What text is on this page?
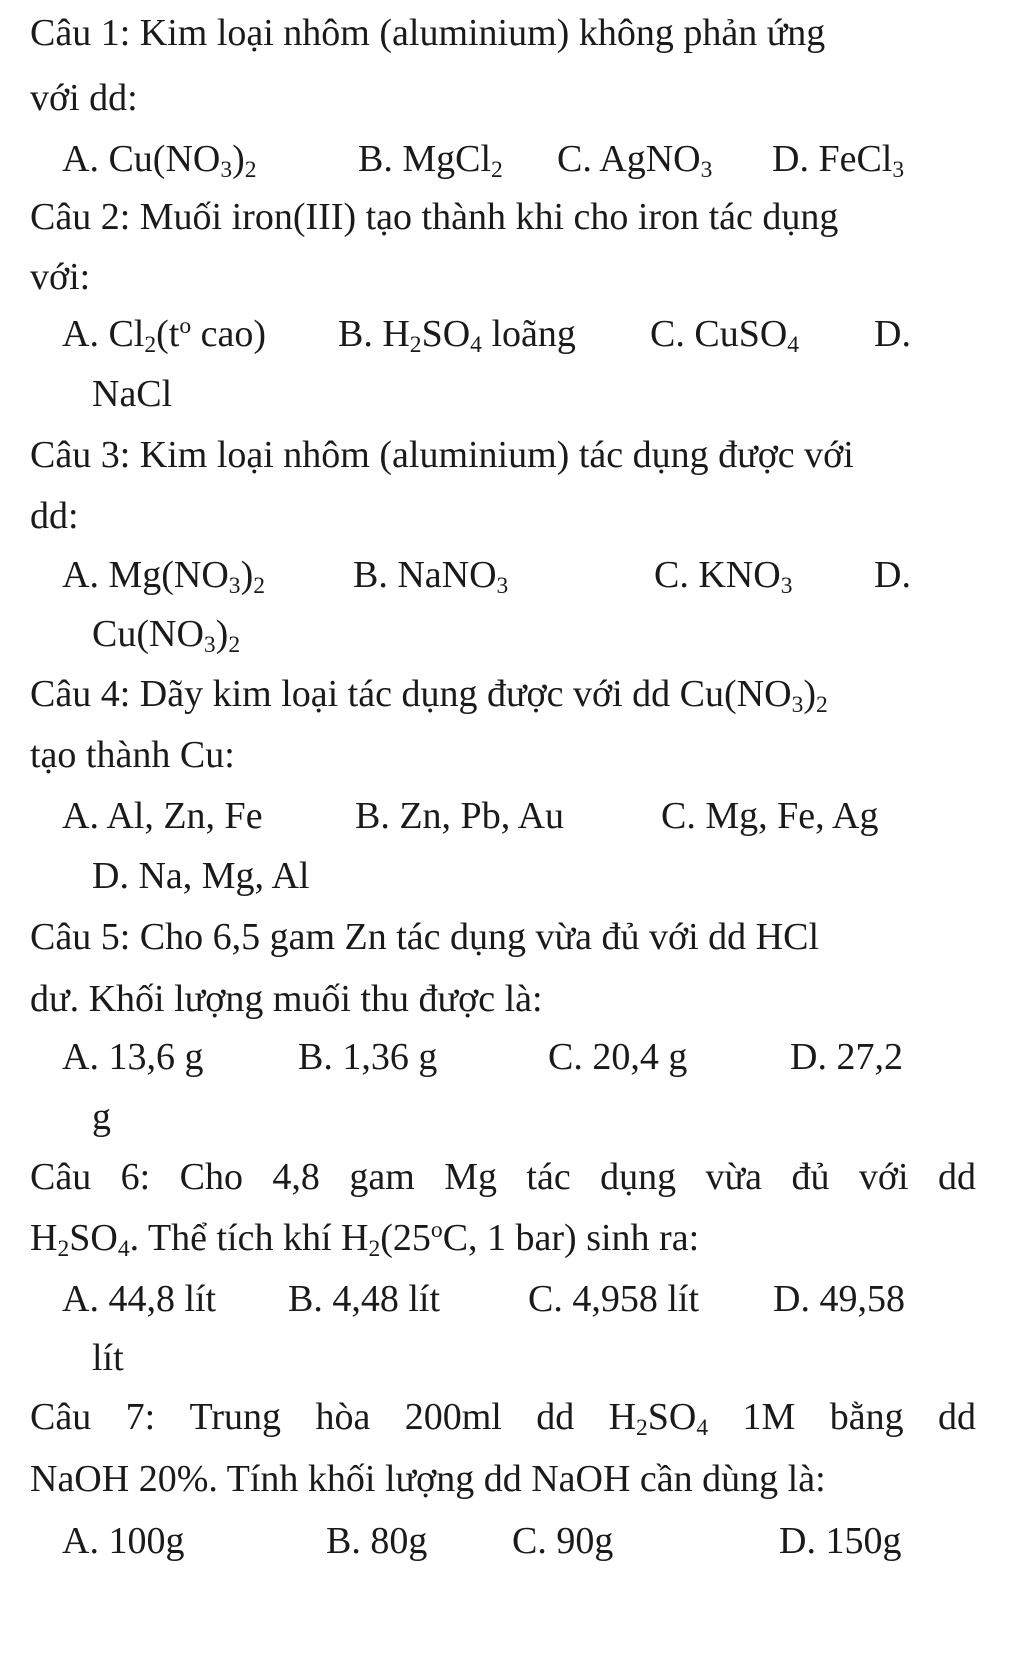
Câu 1: Kim loại nhôm (aluminium) không phản ứng
với dd:
A. $Cu(NO_3)_2$	B. MgCl$_2$ C. AgNO$_3$ D. FeCl$_3$
Câu 2: Muối iron(III) tạo thành khi cho iron tác dụng
với:
A. $Cl_2(t^o$ cao) B. $H_2SO_4$ loãng C. CuSO$_4$ D.
NaCl
Câu 3: Kim loại nhôm (aluminium) tác dụng được với
dd:
A. $Mg(NO_3)_2$ B. NaNO$_3$	C. $KNO_3$ D.
$Cu(NO_3)_2$
Câu 4: Dãy kim loại tác dụng được với dd $Cu(NO_3)_2$
tạo thành Cu:
A. Al, Zn, Fe B. Zn, Pb, Au	C. Mg, Fe, Ag
D. Na, Mg, Al
Câu 5: Cho 6,5 gam Zn tác dụng vừa đủ với dd HCl
dư. Khối lượng muối thu được là:
A. 13,6 g B. 1,36 g	C. 20,4 g	D. 27,2
g
Câu 6: Cho 4,8 gam Mg tác dụng vừa đủ với dd
$H_2SO_4$. Thể tích khí $H_2(25^oC$, 1 bar) sinh ra:
A. 44,8 lít B. 4,48 lít C. 4,958 lít D. 49,58
lít
Câu 7: Trung hòa 200ml dd $H_2SO_4$ 1M bằng dd
NaOH 20%. Tính khối lượng dd NaOH cần dùng là:
A. 100g	B. 80g C. 90g	D. 150g
